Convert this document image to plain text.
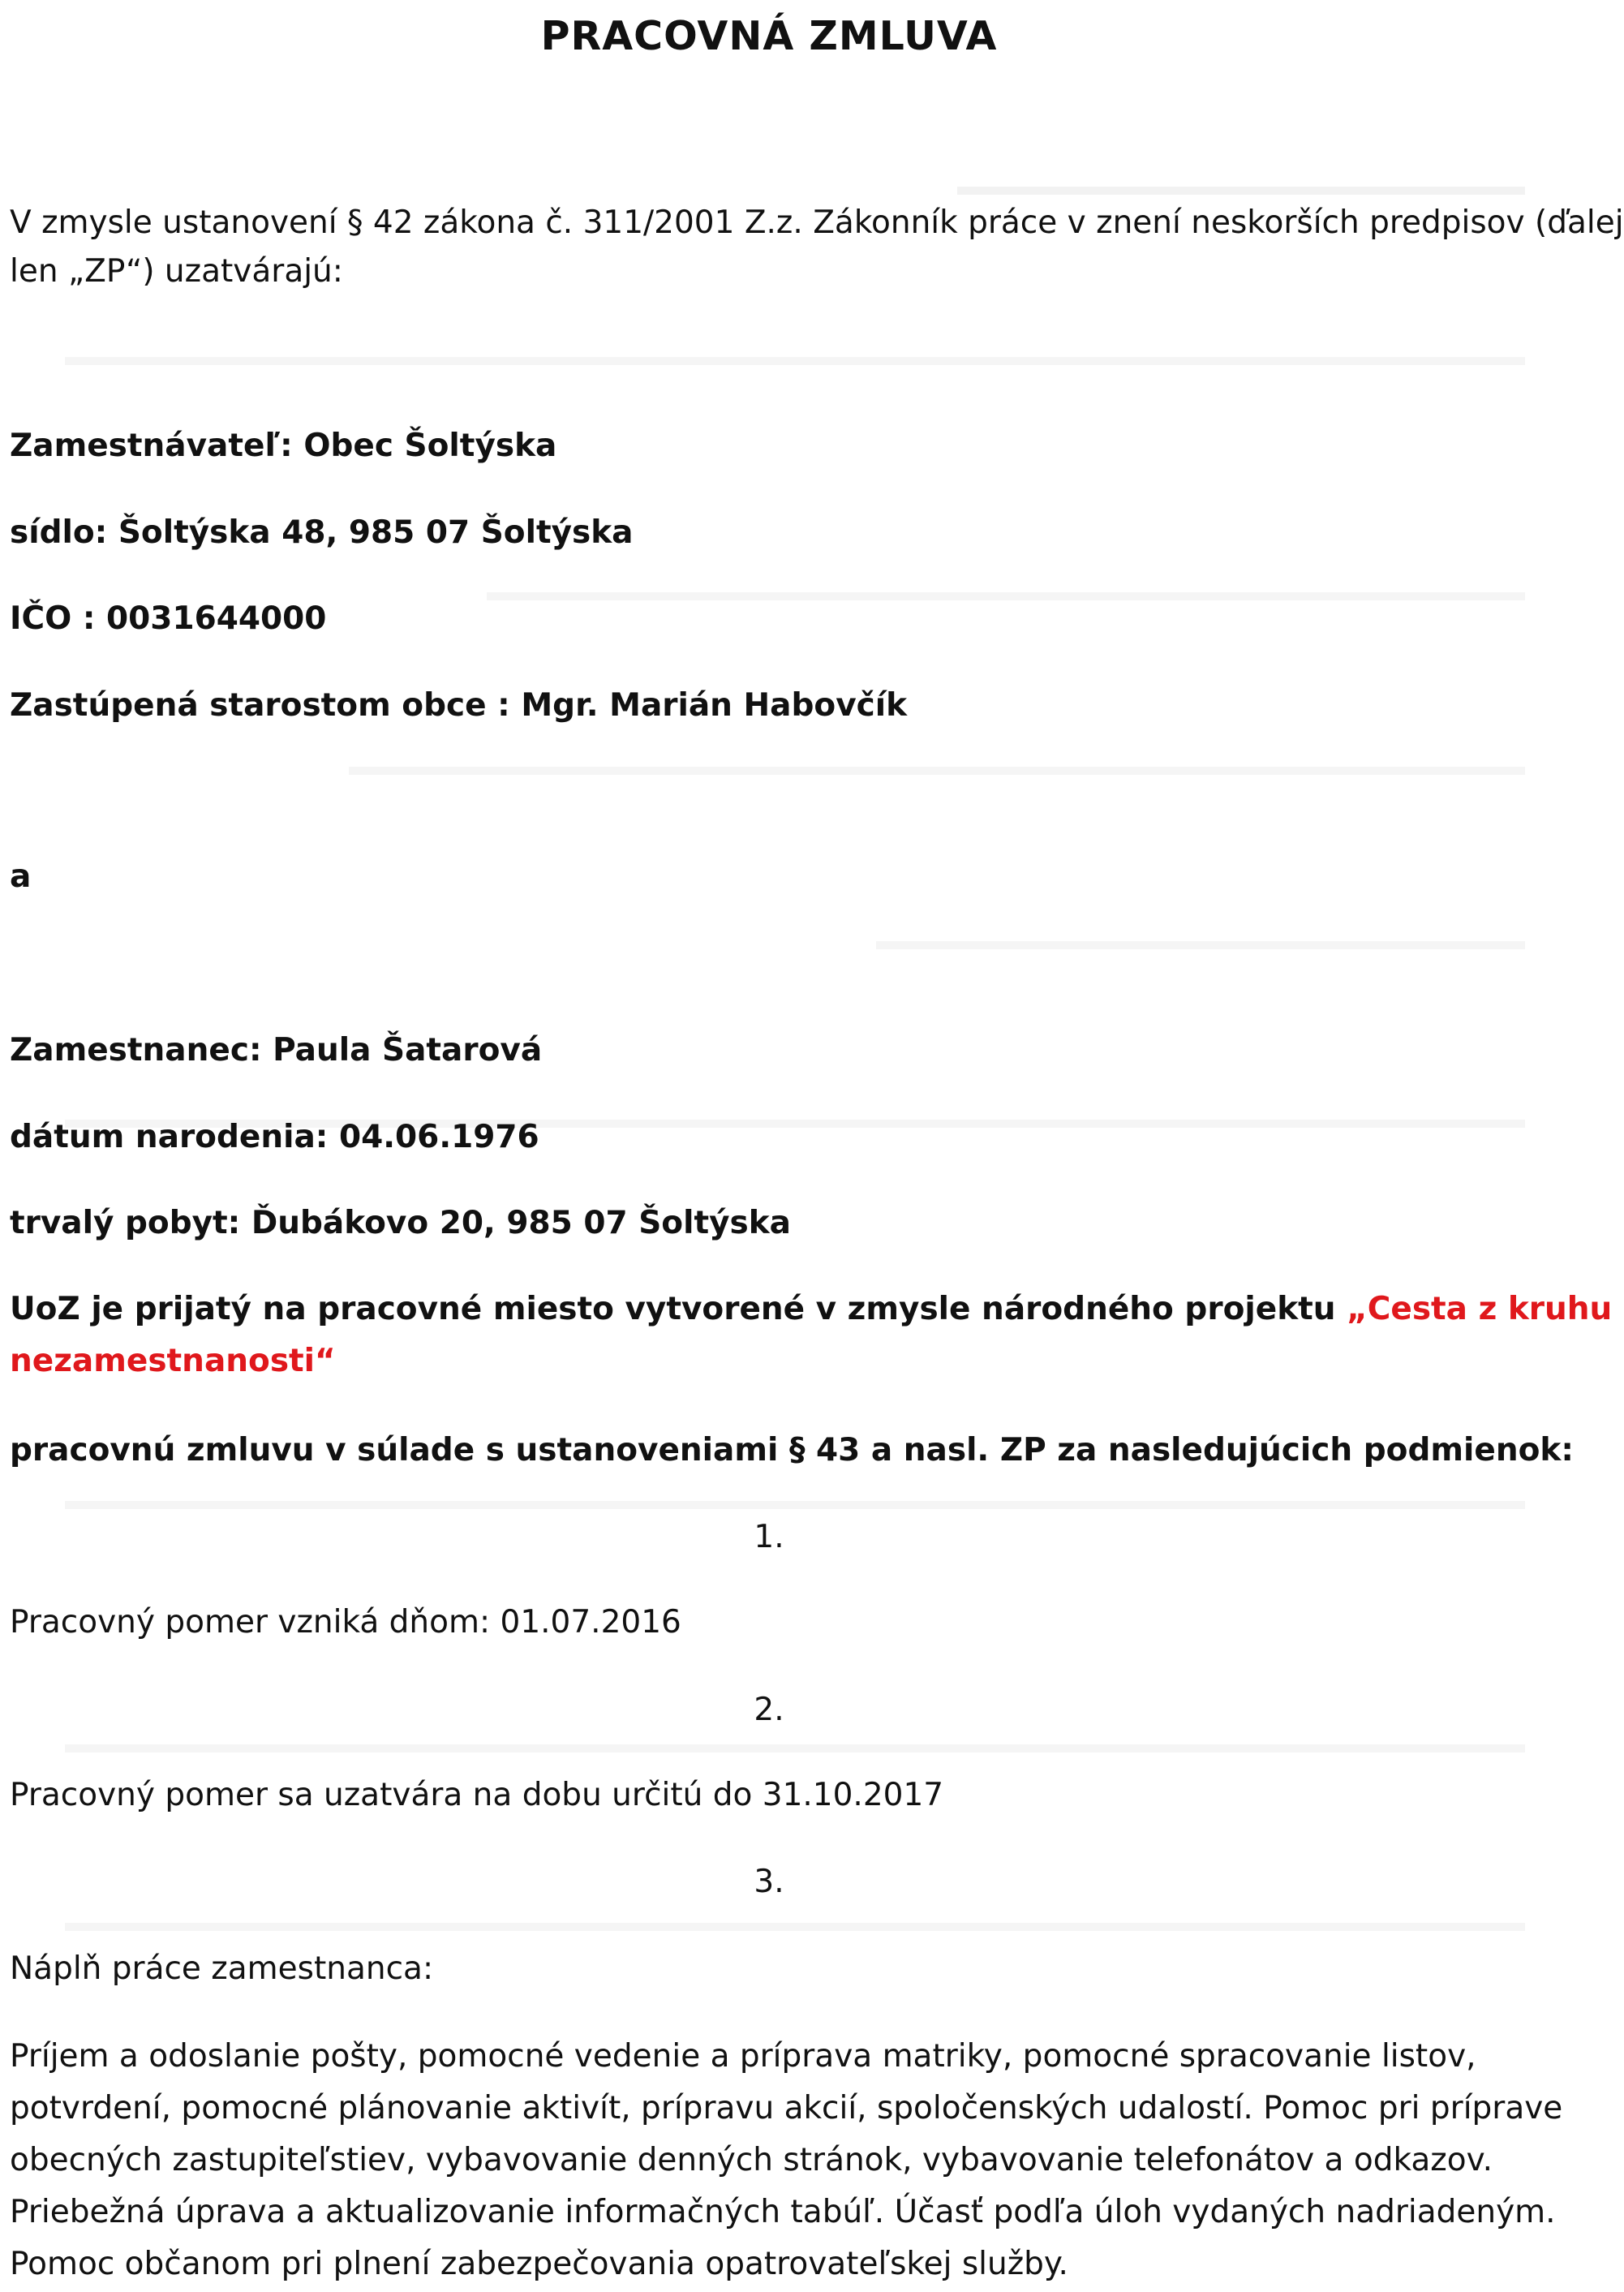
PRACOVNÁ ZMLUVA
V zmysle ustanovení § 42 zákona č. 311/2001 Z.z. Zákonník práce v znení neskorších predpisov (ďalej
len „ZP“) uzatvárajú:
Zamestnávateľ: Obec Šoltýska
sídlo: Šoltýska 48, 985 07 Šoltýska
IČO : 0031644000
Zastúpená starostom obce : Mgr. Marián Habovčík
a
Zamestnanec: Paula Šatarová
dátum narodenia: 04.06.1976
trvalý pobyt: Ďubákovo 20, 985 07 Šoltýska
UoZ je prijatý na pracovné miesto vytvorené v zmysle národného projektu „Cesta z kruhu
nezamestnanosti“
pracovnú zmluvu v súlade s ustanoveniami § 43 a nasl. ZP za nasledujúcich podmienok:
1.
Pracovný pomer vzniká dňom: 01.07.2016
2.
Pracovný pomer sa uzatvára na dobu určitú do 31.10.2017
3.
Náplň práce zamestnanca:
Príjem a odoslanie pošty, pomocné vedenie a príprava matriky, pomocné spracovanie listov,
potvrdení, pomocné plánovanie aktivít, prípravu akcií, spoločenských udalostí. Pomoc pri príprave
obecných zastupiteľstiev, vybavovanie denných stránok, vybavovanie telefonátov a odkazov.
Priebežná úprava a aktualizovanie informačných tabúľ. Účasť podľa úloh vydaných nadriadeným.
Pomoc občanom pri plnení zabezpečovania opatrovateľskej služby.
